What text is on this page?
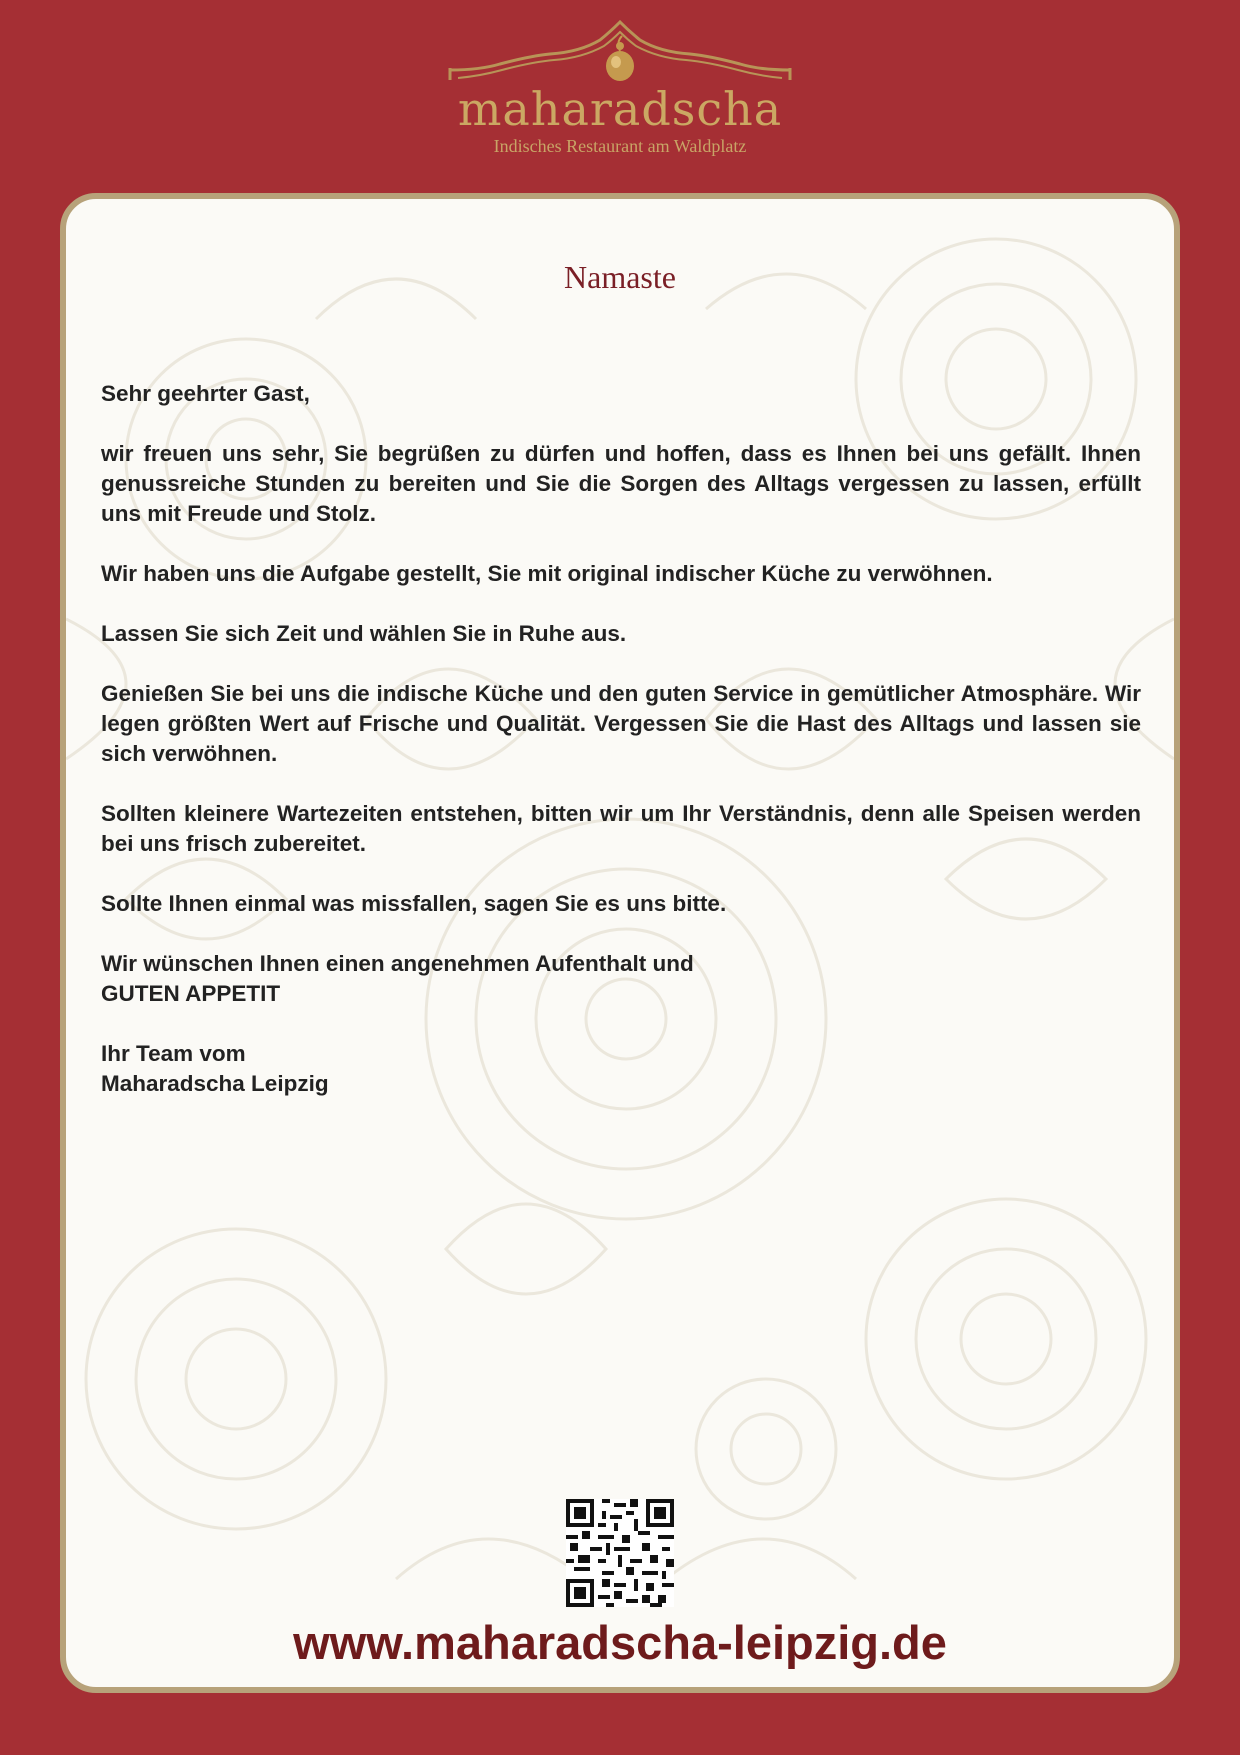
maharadscha
Indisches Restaurant am Waldplatz
Namaste

Sehr geehrter Gast,

wir freuen uns sehr, Sie begrüßen zu dürfen und hoffen, dass es Ihnen bei uns gefällt. Ihnen genussreiche Stunden zu bereiten und Sie die Sorgen des Alltags vergessen zu lassen, erfüllt uns mit Freude und Stolz.

Wir haben uns die Aufgabe gestellt, Sie mit original indischer Küche zu verwöhnen.

Lassen Sie sich Zeit und wählen Sie in Ruhe aus.

Genießen Sie bei uns die indische Küche und den guten Service in gemütlicher Atmosphäre. Wir legen größten Wert auf Frische und Qualität. Vergessen Sie die Hast des Alltags und lassen sie sich verwöhnen.

Sollten kleinere Wartezeiten entstehen, bitten wir um Ihr Verständnis, denn alle Speisen werden bei uns frisch zubereitet.

Sollte Ihnen einmal was missfallen, sagen Sie es uns bitte.

Wir wünschen Ihnen einen angenehmen Aufenthalt und
GUTEN APPETIT

Ihr Team vom
Maharadscha Leipzig

www.maharadscha-leipzig.de
